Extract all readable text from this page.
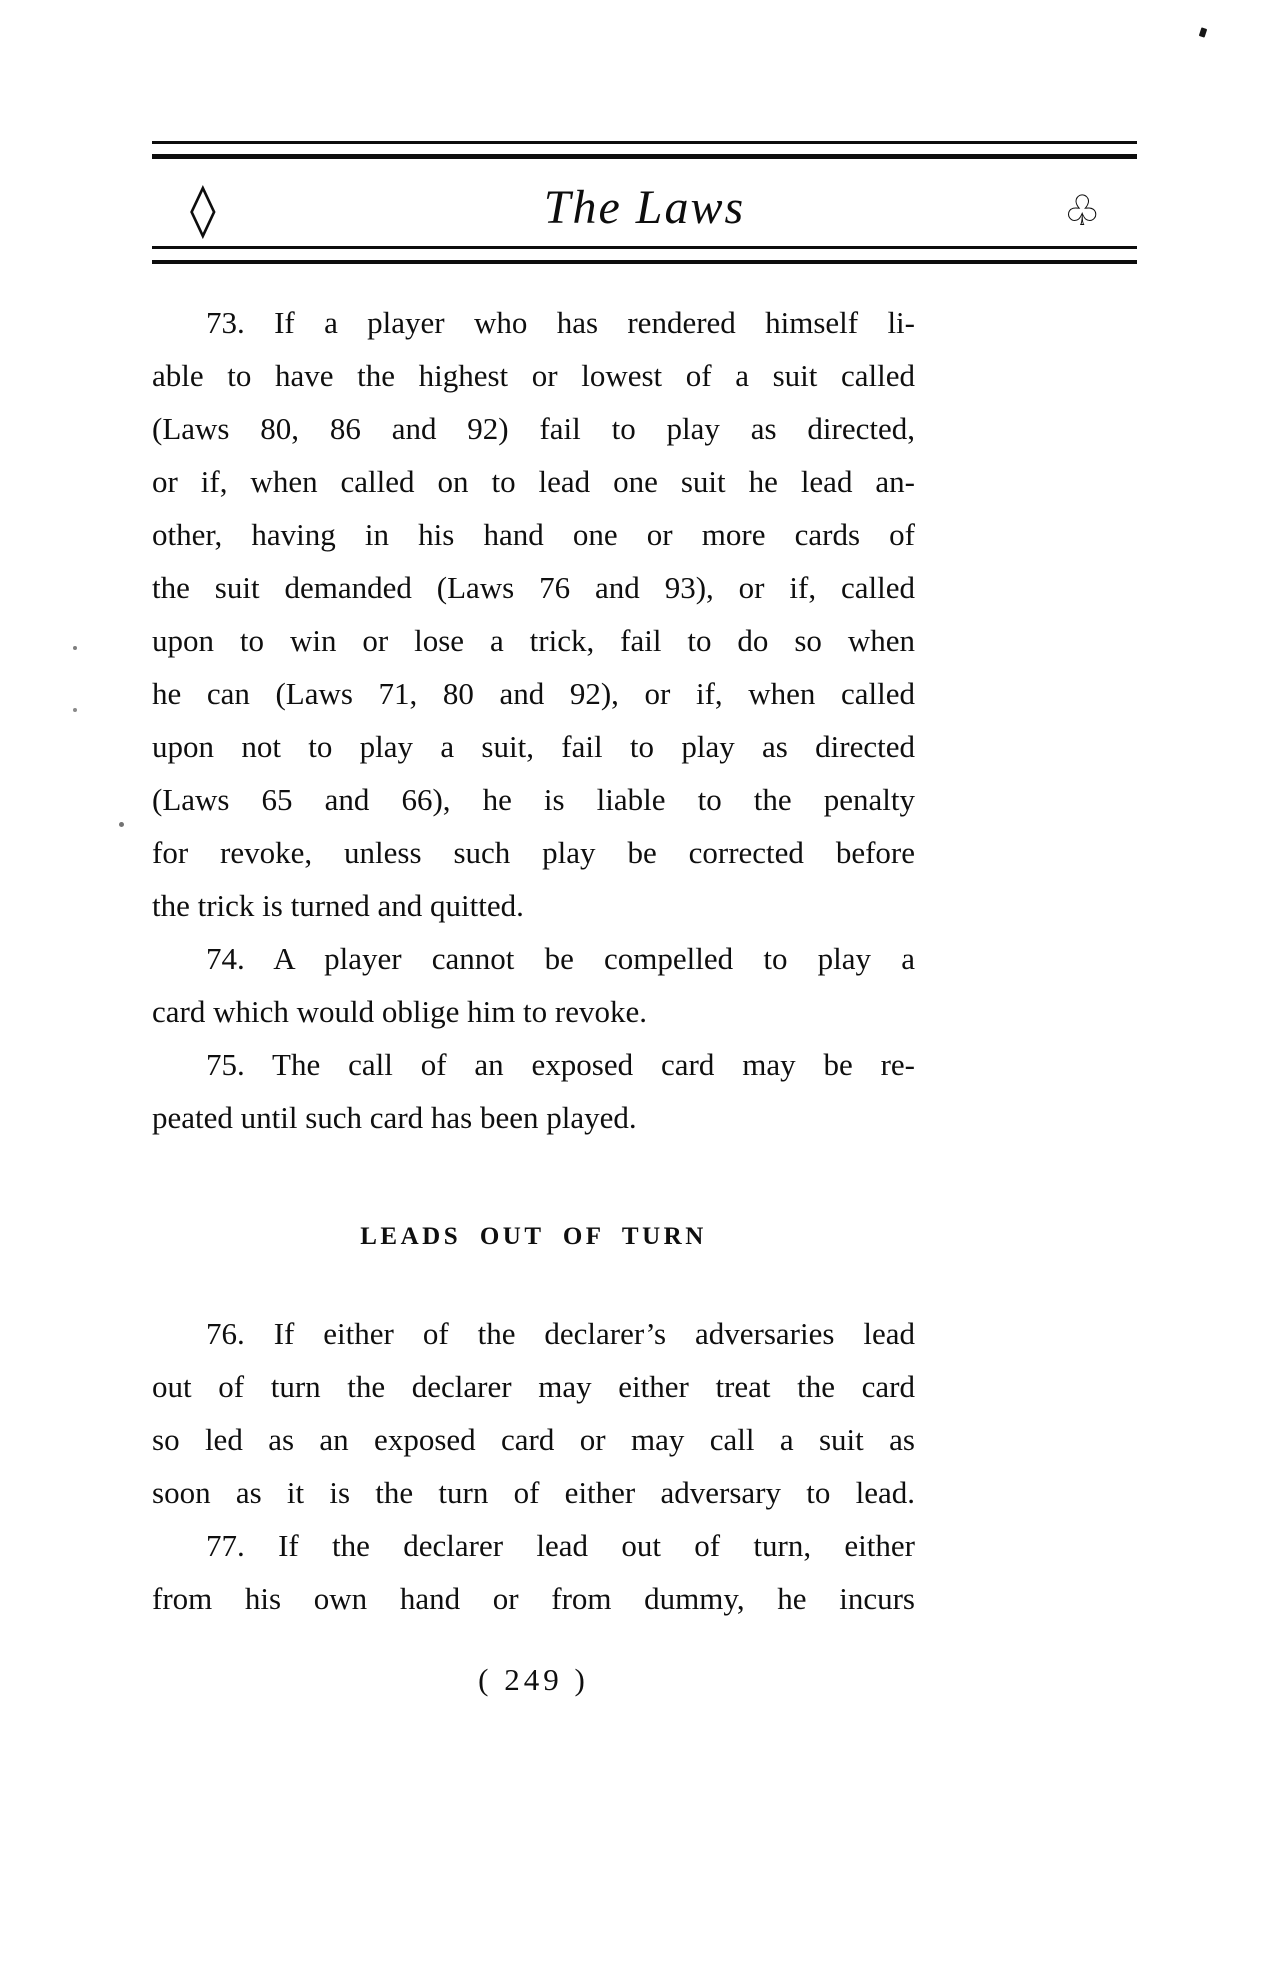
◊	The Laws	♧
73. If a player who has rendered himself li-
able to have the highest or lowest of a suit called
(Laws 80, 86 and 92) fail to play as directed,
or if, when called on to lead one suit he lead an-
other, having in his hand one or more cards of
the suit demanded (Laws 76 and 93), or if, called
upon to win or lose a trick, fail to do so when
he can (Laws 71, 80 and 92), or if, when called
upon not to play a suit, fail to play as directed
(Laws 65 and 66), he is liable to the penalty
for revoke, unless such play be corrected before
the trick is turned and quitted.
74. A player cannot be compelled to play a
card which would oblige him to revoke.
75. The call of an exposed card may be re-
peated until such card has been played.
LEADS OUT OF TURN
76. If either of the declarer’s adversaries lead
out of turn the declarer may either treat the card
so led as an exposed card or may call a suit as
soon as it is the turn of either adversary to lead.
77. If the declarer lead out of turn, either
from his own hand or from dummy, he incurs
( 249 )
